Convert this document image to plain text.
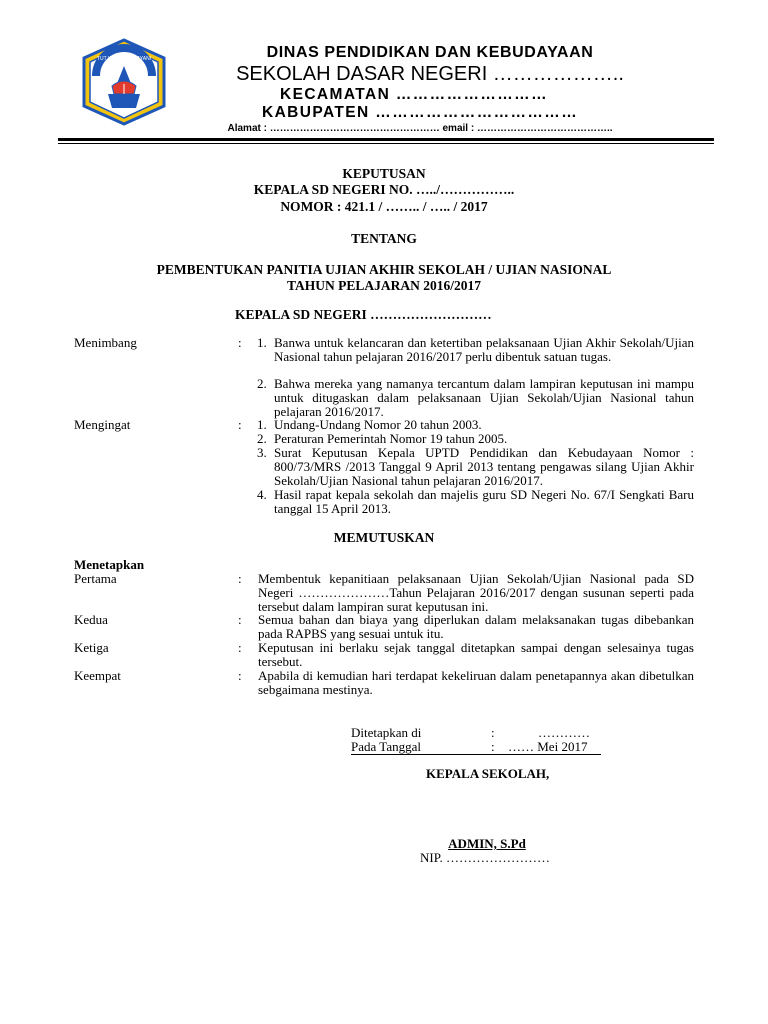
TUT WURI HANDAYANI	DINAS PENDIDIKAN DAN KEBUDAYAAN
SEKOLAH DASAR NEGERI ………………..
KECAMATAN ………………………
KABUPATEN ………………………………
Alamat : …………………………………………… email : …………………………………..
KEPUTUSAN
KEPALA SD NEGERI NO. …../……………..
NOMOR : 421.1 / …….. / ….. / 2017
TENTANG
PEMBENTUKAN PANITIA UJIAN AKHIR SEKOLAH / UJIAN NASIONAL
TAHUN PELAJARAN 2016/2017
KEPALA SD NEGERI ………………………
Menimbang	: 1. Banwa untuk kelancaran dan ketertiban pelaksanaan Ujian Akhir Sekolah/Ujian Nasional tahun pelajaran 2016/2017 perlu dibentuk satuan tugas.
2. Bahwa mereka yang namanya tercantum dalam lampiran keputusan ini mampu untuk ditugaskan dalam pelaksanaan Ujian Sekolah/Ujian Nasional tahun pelajaran 2016/2017.
Mengingat	: 1. Undang-Undang Nomor 20 tahun 2003.
2. Peraturan Pemerintah Nomor 19 tahun 2005.
3. Surat Keputusan Kepala UPTD Pendidikan dan Kebudayaan Nomor : 800/73/MRS /2013 Tanggal 9 April 2013 tentang pengawas silang Ujian Akhir Sekolah/Ujian Nasional tahun pelajaran 2016/2017.
4. Hasil rapat kepala sekolah dan majelis guru SD Negeri No. 67/I Sengkati Baru tanggal 15 April 2013.
MEMUTUSKAN
Menetapkan
Pertama	: Membentuk kepanitiaan pelaksanaan Ujian Sekolah/Ujian Nasional pada SD Negeri …………………Tahun Pelajaran 2016/2017 dengan susunan seperti pada tersebut dalam lampiran surat keputusan ini.
Kedua	: Semua bahan dan biaya yang diperlukan dalam melaksanakan tugas dibebankan pada RAPBS yang sesuai untuk itu.
Ketiga	: Keputusan ini berlaku sejak tanggal ditetapkan sampai dengan selesainya tugas tersebut.
Keempat	: Apabila di kemudian hari terdapat kekeliruan dalam penetapannya akan dibetulkan sebgaimana mestinya.
Ditetapkan di	:	…………
Pada Tanggal	: …… Mei 2017
KEPALA SEKOLAH,
ADMIN, S.Pd
NIP. ……………………
